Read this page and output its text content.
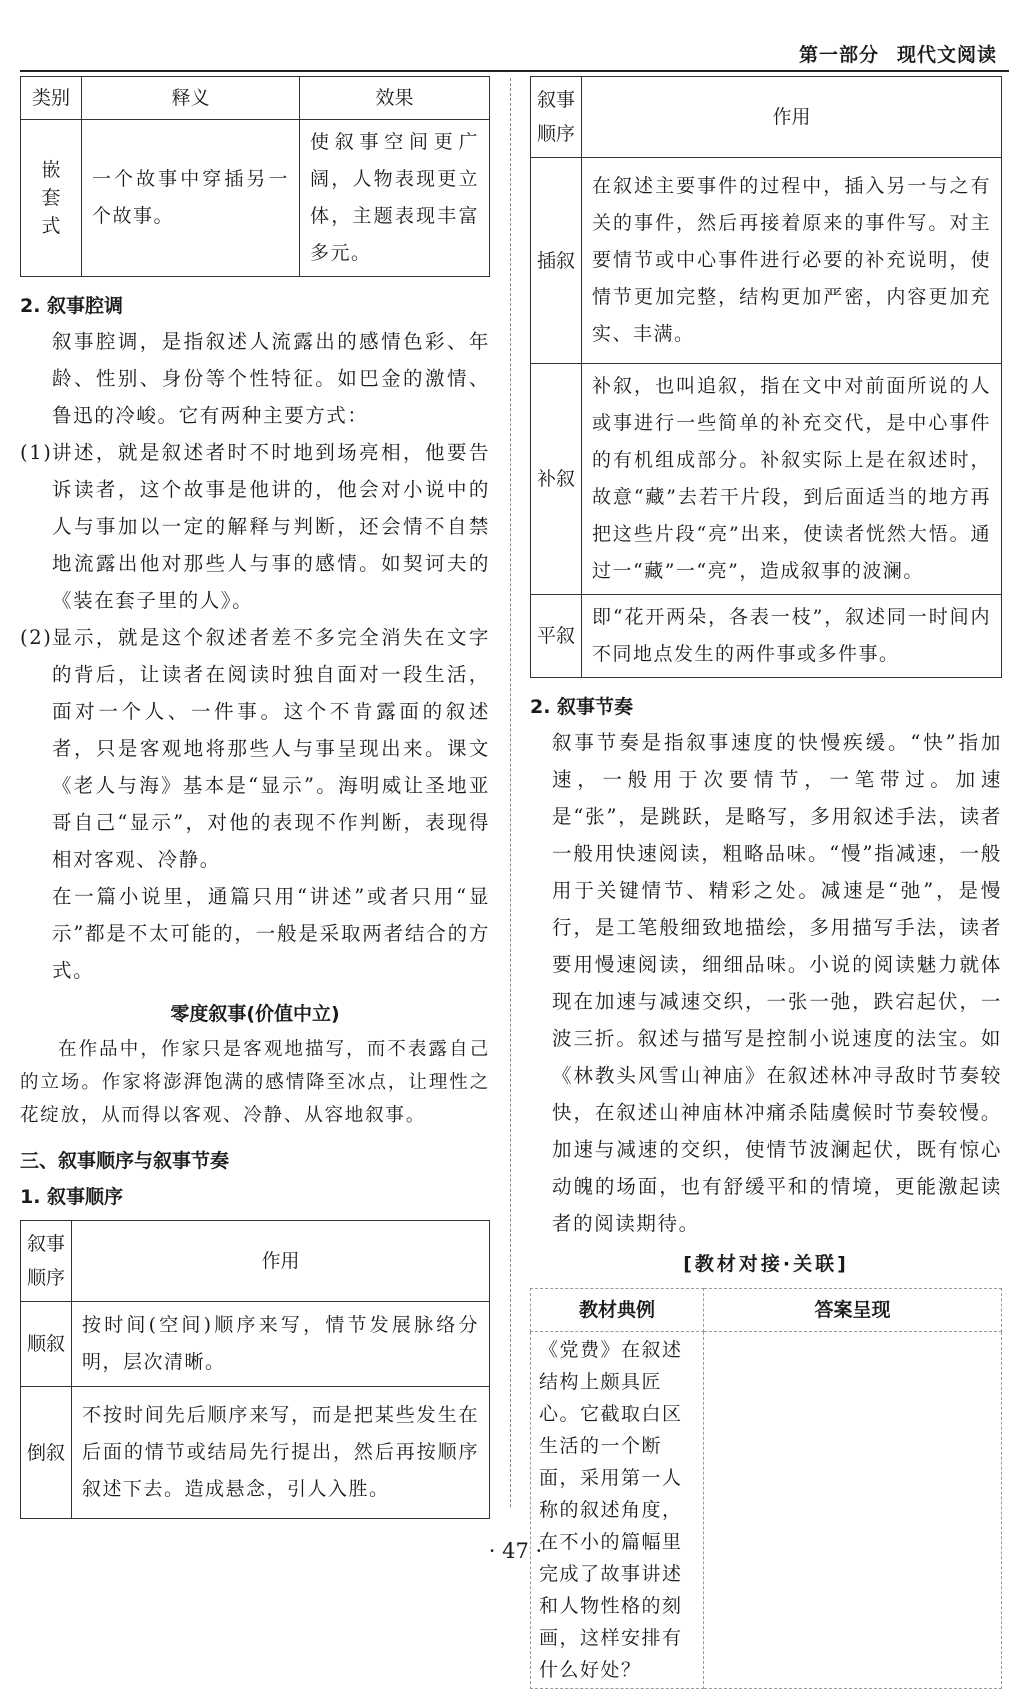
第一部分 现代文阅读
类别	释义	效果
嵌套式	一个故事中穿插另一个故事。	使叙事空间更广阔，人物表现更立体，主题表现丰富多元。
2. 叙事腔调

叙事腔调，是指叙述人流露出的感情色彩、年龄、性别、身份等个性特征。如巴金的激情、鲁迅的冷峻。它有两种主要方式：

(1) 讲述，就是叙述者时不时地到场亮相，他要告诉读者，这个故事是他讲的，他会对小说中的人与事加以一定的解释与判断，还会情不自禁地流露出他对那些人与事的感情。如契诃夫的《装在套子里的人》。
(2) 显示，就是这个叙述者差不多完全消失在文字的背后，让读者在阅读时独自面对一段生活，面对一个人、一件事。这个不肯露面的叙述者，只是客观地将那些人与事呈现出来。课文《老人与海》基本是“显示”。海明威让圣地亚哥自己“显示”，对他的表现不作判断，表现得相对客观、冷静。

在一篇小说里，通篇只用“讲述”或者只用“显示”都是不太可能的，一般是采取两者结合的方式。

零度叙事(价值中立)

在作品中，作家只是客观地描写，而不表露自己的立场。作家将澎湃饱满的感情降至冰点，让理性之花绽放，从而得以客观、冷静、从容地叙事。

三、叙事顺序与叙事节奏
1. 叙事顺序
叙事顺序	作用
顺叙	按时间(空间)顺序来写，情节发展脉络分明，层次清晰。
倒叙	不按时间先后顺序来写，而是把某些发生在后面的情节或结局先行提出，然后再按顺序叙述下去。造成悬念，引人入胜。
叙事顺序	作用
插叙	在叙述主要事件的过程中，插入另一与之有关的事件，然后再接着原来的事件写。对主要情节或中心事件进行必要的补充说明，使情节更加完整，结构更加严密，内容更加充实、丰满。
补叙	补叙，也叫追叙，指在文中对前面所说的人或事进行一些简单的补充交代，是中心事件的有机组成部分。补叙实际上是在叙述时，故意“藏”去若干片段，到后面适当的地方再把这些片段“亮”出来，使读者恍然大悟。通过一“藏”一“亮”，造成叙事的波澜。
平叙	即“花开两朵，各表一枝”，叙述同一时间内不同地点发生的两件事或多件事。
2. 叙事节奏

叙事节奏是指叙事速度的快慢疾缓。“快”指加速，一般用于次要情节，一笔带过。加速是“张”，是跳跃，是略写，多用叙述手法，读者一般用快速阅读，粗略品味。“慢”指减速，一般用于关键情节、精彩之处。减速是“弛”，是慢行，是工笔般细致地描绘，多用描写手法，读者要用慢速阅读，细细品味。小说的阅读魅力就体现在加速与减速交织，一张一弛，跌宕起伏，一波三折。叙述与描写是控制小说速度的法宝。如《林教头风雪山神庙》在叙述林冲寻敌时节奏较快，在叙述山神庙林冲痛杀陆虞候时节奏较慢。加速与减速的交织，使情节波澜起伏，既有惊心动魄的场面，也有舒缓平和的情境，更能激起读者的阅读期待。

[教材对接·关联]
教材典例	答案呈现
《党费》在叙述结构上颇具匠心。它截取白区生活的一个断面，采用第一人称的叙述角度，在不小的篇幅里完成了故事讲述和人物性格的刻画，这样安排有什么好处？	
· 47 ·
